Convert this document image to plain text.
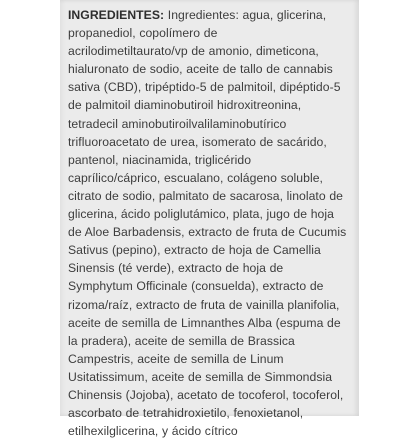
INGREDIENTES: Ingredientes: agua, glicerina,
propanediol, copolímero de
acrilodimetiltaurato/vp de amonio, dimeticona,
hialuronato de sodio, aceite de tallo de cannabis
sativa (CBD), tripéptido-5 de palmitoil, dipéptido-5
de palmitoil diaminobutiroil hidroxitreonina,
tetradecil aminobutiroilvalilaminobutírico
trifluoroacetato de urea, isomerato de sacárido,
pantenol, niacinamida, triglicérido
caprílico/cáprico, escualano, colágeno soluble,
citrato de sodio, palmitato de sacarosa, linolato de
glicerina, ácido poliglutámico, plata, jugo de hoja
de Aloe Barbadensis, extracto de fruta de Cucumis
Sativus (pepino), extracto de hoja de Camellia
Sinensis (té verde), extracto de hoja de
Symphytum Officinale (consuelda), extracto de
rizoma/raíz, extracto de fruta de vainilla planifolia,
aceite de semilla de Limnanthes Alba (espuma de
la pradera), aceite de semilla de Brassica
Campestris, aceite de semilla de Linum
Usitatissimum, aceite de semilla de Simmondsia
Chinensis (Jojoba), acetato de tocoferol, tocoferol,
ascorbato de tetrahidroxietilo, fenoxietanol,
etilhexilglicerina, y ácido cítrico
